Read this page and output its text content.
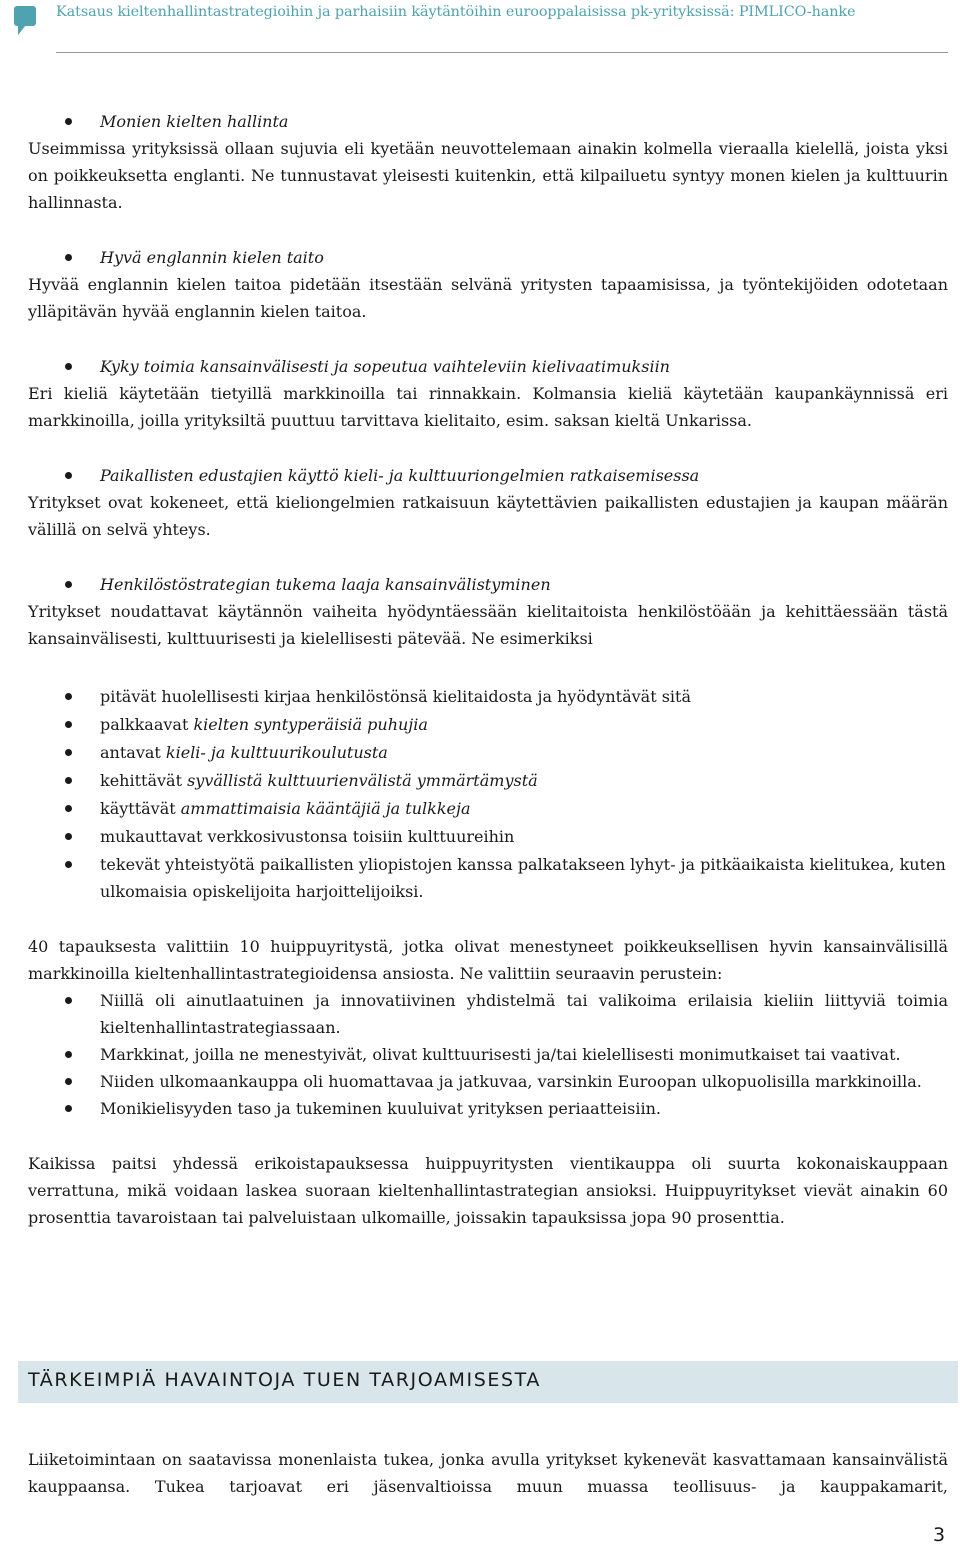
Katsaus kieltenhallintastrategioihin ja parhaisiin käytäntöihin eurooppalaisissa pk-yrityksissä: PIMLICO-hanke

Monien kielten hallinta

Useimmissa yrityksissä ollaan sujuvia eli kyetään neuvottelemaan ainakin kolmella vieraalla kielellä, joista yksi on poikkeuksetta englanti. Ne tunnustavat yleisesti kuitenkin, että kilpailuetu syntyy monen kielen ja kulttuurin hallinnasta.

Hyvä englannin kielen taito

Hyvää englannin kielen taitoa pidetään itsestään selvänä yritysten tapaamisissa, ja työntekijöiden odotetaan ylläpitävän hyvää englannin kielen taitoa.

Kyky toimia kansainvälisesti ja sopeutua vaihteleviin kielivaatimuksiin

Eri kieliä käytetään tietyillä markkinoilla tai rinnakkain. Kolmansia kieliä käytetään kaupankäynnissä eri markkinoilla, joilla yrityksiltä puuttuu tarvittava kielitaito, esim. saksan kieltä Unkarissa.

Paikallisten edustajien käyttö kieli- ja kulttuuriongelmien ratkaisemisessa

Yritykset ovat kokeneet, että kieliongelmien ratkaisuun käytettävien paikallisten edustajien ja kaupan määrän välillä on selvä yhteys.

Henkilöstöstrategian tukema laaja kansainvälistyminen

Yritykset noudattavat käytännön vaiheita hyödyntäessään kielitaitoista henkilöstöään ja kehittäessään tästä kansainvälisesti, kulttuurisesti ja kielellisesti pätevää. Ne esimerkiksi

pitävät huolellisesti kirjaa henkilöstönsä kielitaidosta ja hyödyntävät sitä
palkkaavat kielten syntyperäisiä puhujia
antavat kieli- ja kulttuurikoulutusta
kehittävät syvällistä kulttuurienvälistä ymmärtämystä
käyttävät ammattimaisia kääntäjiä ja tulkkeja
mukauttavat verkkosivustonsa toisiin kulttuureihin
tekevät yhteistyötä paikallisten yliopistojen kanssa palkatakseen lyhyt- ja pitkäaikaista kielitukea, kuten ulkomaisia opiskelijoita harjoittelijoiksi.

40 tapauksesta valittiin 10 huippuyritystä, jotka olivat menestyneet poikkeuksellisen hyvin kansainvälisillä markkinoilla kieltenhallintastrategioidensa ansiosta. Ne valittiin seuraavin perustein:

Niillä oli ainutlaatuinen ja innovatiivinen yhdistelmä tai valikoima erilaisia kieliin liittyviä toimia kieltenhallintastrategiassaan.
Markkinat, joilla ne menestyivät, olivat kulttuurisesti ja/tai kielellisesti monimutkaiset tai vaativat.
Niiden ulkomaankauppa oli huomattavaa ja jatkuvaa, varsinkin Euroopan ulkopuolisilla markkinoilla.
Monikielisyyden taso ja tukeminen kuuluivat yrityksen periaatteisiin.

Kaikissa paitsi yhdessä erikoistapauksessa huippuyritysten vientikauppa oli suurta kokonaiskauppaan verrattuna, mikä voidaan laskea suoraan kieltenhallintastrategian ansioksi. Huippuyritykset vievät ainakin 60 prosenttia tavaroistaan tai palveluistaan ulkomaille, joissakin tapauksissa jopa 90 prosenttia.

TÄRKEIMPIÄ HAVAINTOJA TUEN TARJOAMISESTA

Liiketoimintaan on saatavissa monenlaista tukea, jonka avulla yritykset kykenevät kasvattamaan kansainvälistä kauppaansa. Tukea tarjoavat eri jäsenvaltioissa muun muassa teollisuus- ja kauppakamarit,

3
